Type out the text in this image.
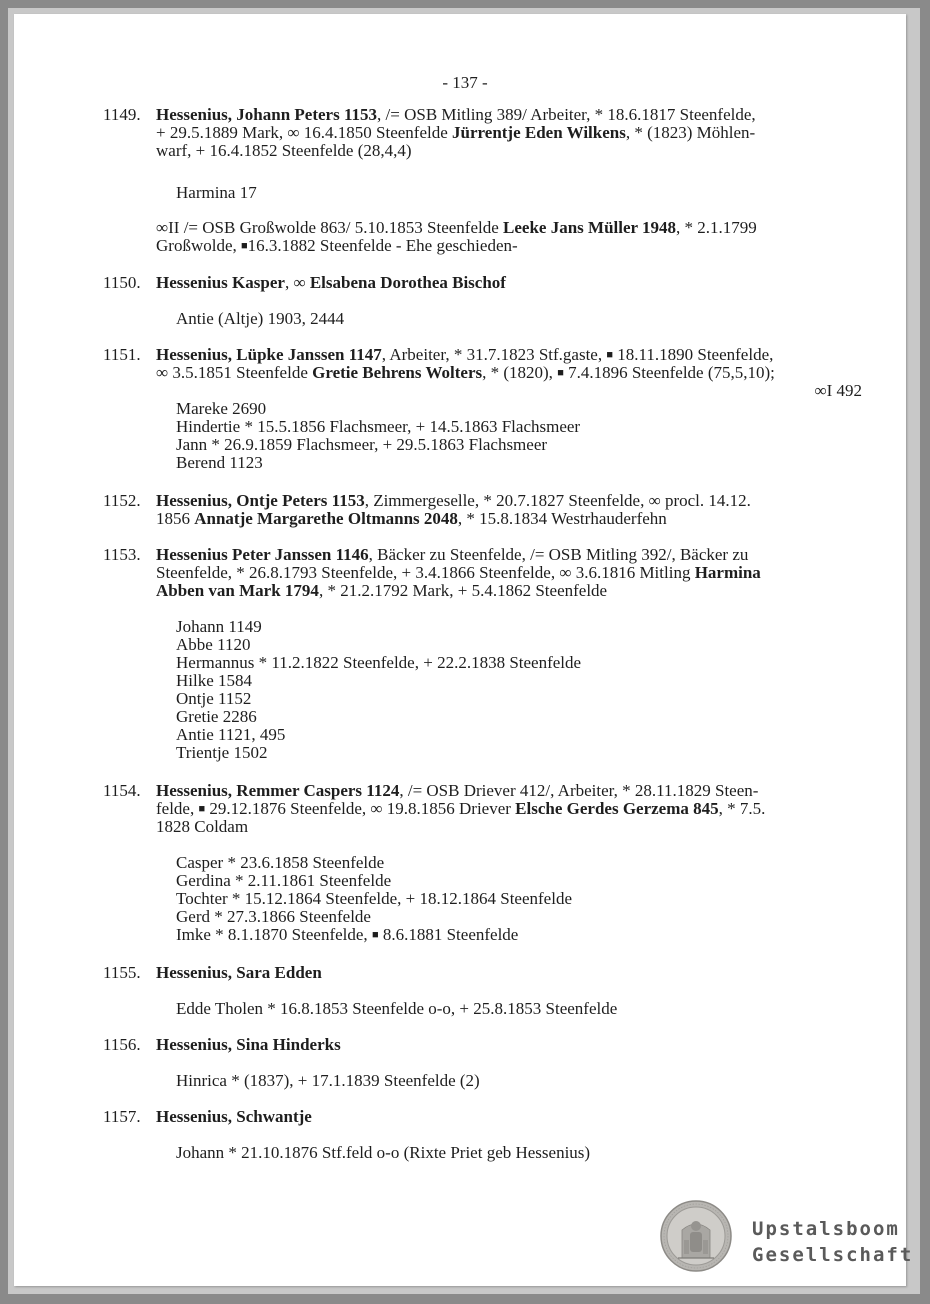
- 137 -
1149. Hessenius, Johann Peters 1153, /= OSB Mitling 389/ Arbeiter, * 18.6.1817 Steenfelde,
+ 29.5.1889 Mark, ∞ 16.4.1850 Steenfelde Jürrentje Eden Wilkens, * (1823) Möhlen-
warf, + 16.4.1852 Steenfelde (28,4,4)
Harmina 17
∞II /= OSB Großwolde 863/ 5.10.1853 Steenfelde Leeke Jans Müller 1948, * 2.1.1799
Großwolde, ■16.3.1882 Steenfelde - Ehe geschieden-
1150. Hessenius Kasper, ∞ Elsabena Dorothea Bischof
Antie (Altje) 1903, 2444
1151. Hessenius, Lüpke Janssen 1147, Arbeiter, * 31.7.1823 Stf.gaste, ■ 18.11.1890 Steenfelde,
∞ 3.5.1851 Steenfelde Gretie Behrens Wolters, * (1820), ■ 7.4.1896 Steenfelde (75,5,10);
∞I 492
Mareke 2690
Hindertie * 15.5.1856 Flachsmeer, + 14.5.1863 Flachsmeer
Jann * 26.9.1859 Flachsmeer, + 29.5.1863 Flachsmeer
Berend 1123
1152. Hessenius, Ontje Peters 1153, Zimmergeselle, * 20.7.1827 Steenfelde, ∞ procl. 14.12.
1856 Annatje Margarethe Oltmanns 2048, * 15.8.1834 Westrhauderfehn
1153. Hessenius Peter Janssen 1146, Bäcker zu Steenfelde, /= OSB Mitling 392/, Bäcker zu
Steenfelde, * 26.8.1793 Steenfelde, + 3.4.1866 Steenfelde, ∞ 3.6.1816 Mitling Harmina
Abben van Mark 1794, * 21.2.1792 Mark, + 5.4.1862 Steenfelde
Johann 1149
Abbe 1120
Hermannus * 11.2.1822 Steenfelde, + 22.2.1838 Steenfelde
Hilke 1584
Ontje 1152
Gretie 2286
Antie 1121, 495
Trientje 1502
1154. Hessenius, Remmer Caspers 1124, /= OSB Driever 412/, Arbeiter, * 28.11.1829 Steen-
felde, ■ 29.12.1876 Steenfelde, ∞ 19.8.1856 Driever Elsche Gerdes Gerzema 845, * 7.5.
1828 Coldam
Casper * 23.6.1858 Steenfelde
Gerdina * 2.11.1861 Steenfelde
Tochter * 15.12.1864 Steenfelde, + 18.12.1864 Steenfelde
Gerd * 27.3.1866 Steenfelde
Imke * 8.1.1870 Steenfelde, ■ 8.6.1881 Steenfelde
1155. Hessenius, Sara Edden
Edde Tholen * 16.8.1853 Steenfelde o-o, + 25.8.1853 Steenfelde
1156. Hessenius, Sina Hinderks
Hinrica * (1837), + 17.1.1839 Steenfelde (2)
1157. Hessenius, Schwantje
Johann * 21.10.1876 Stf.feld o-o (Rixte Priet geb Hessenius)
Upstalsboom
Gesellschaft
